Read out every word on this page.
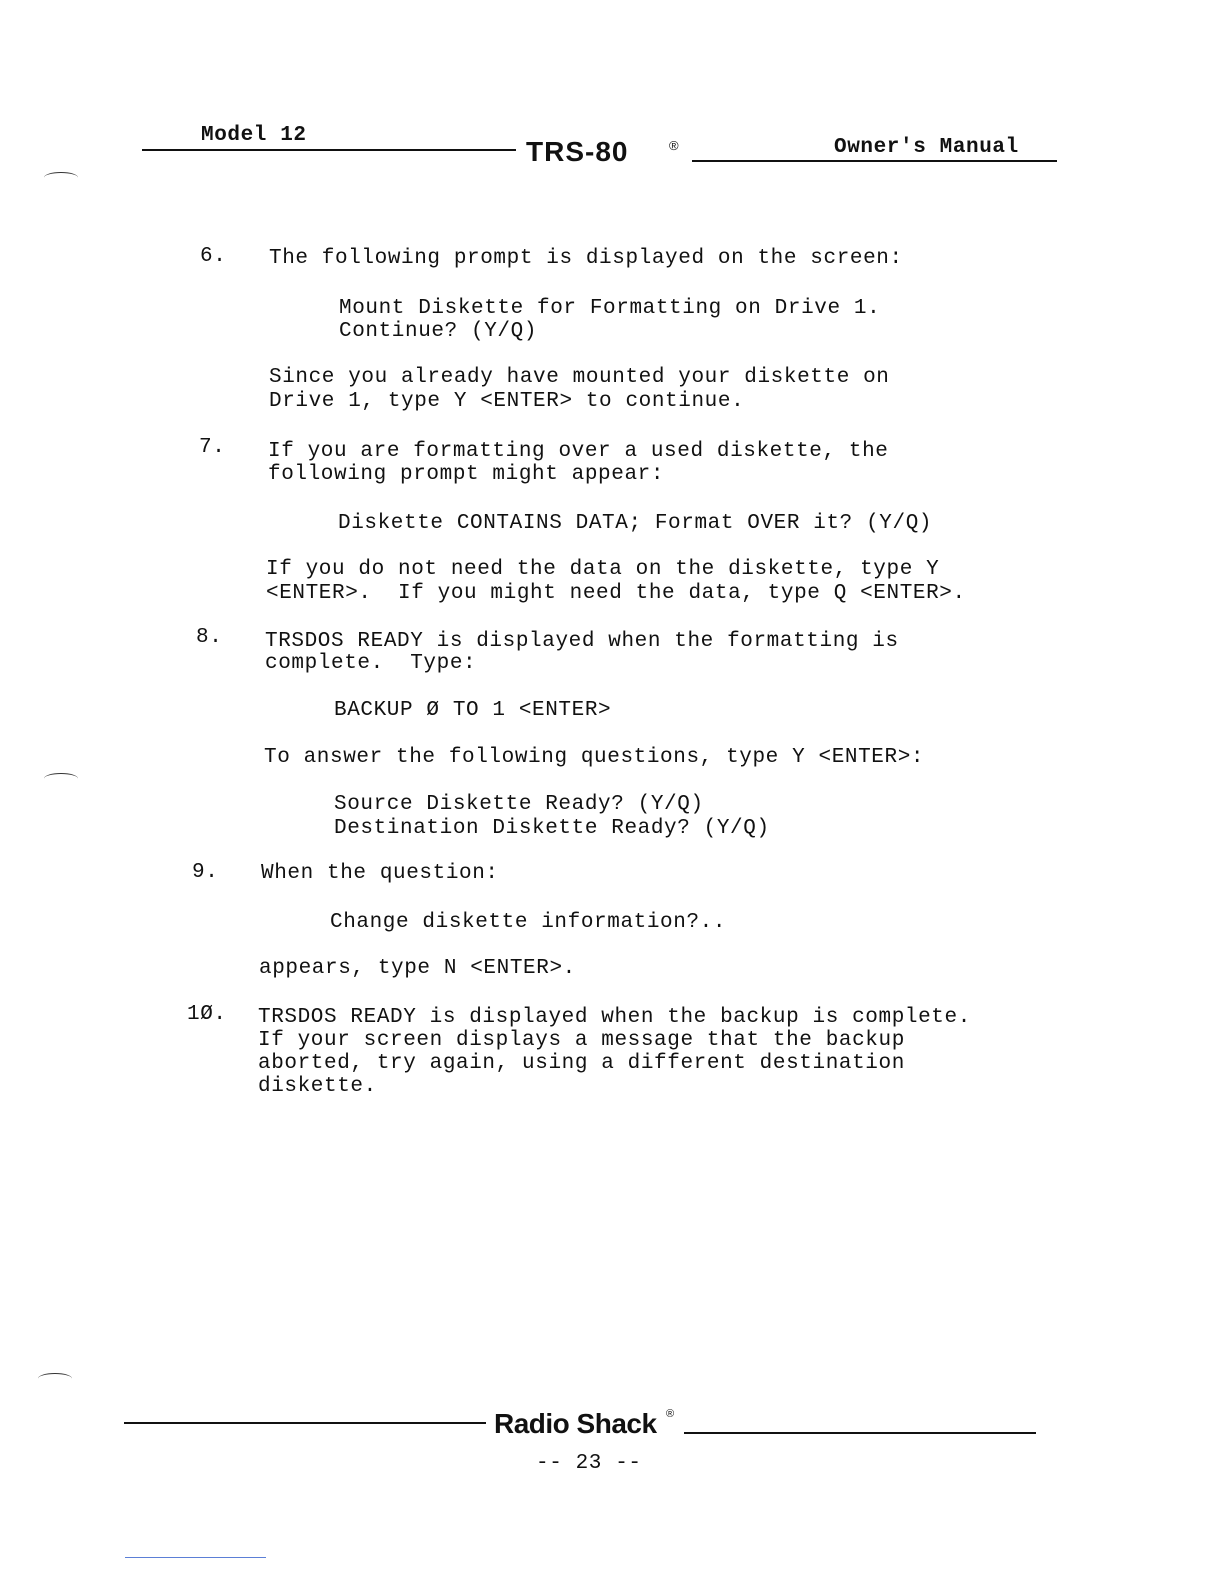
Model 12
TRS-80	®	Owner's Manual
6. The following prompt is displayed on the screen:
Mount Diskette for Formatting on Drive 1.
Continue? (Y/Q)
Since you already have mounted your diskette on
Drive 1, type Y <ENTER> to continue.
7. If you are formatting over a used diskette, the
following prompt might appear:
Diskette CONTAINS DATA; Format OVER it? (Y/Q)
If you do not need the data on the diskette, type Y
<ENTER>.  If you might need the data, type Q <ENTER>.
8. TRSDOS READY is displayed when the formatting is
complete.  Type:
BACKUP Ø TO 1 <ENTER>
To answer the following questions, type Y <ENTER>:
Source Diskette Ready? (Y/Q)
Destination Diskette Ready? (Y/Q)
9. When the question:
Change diskette information?..
appears, type N <ENTER>.
1Ø. TRSDOS READY is displayed when the backup is complete.
If your screen displays a message that the backup
aborted, try again, using a different destination
diskette.
Radio Shack ®
-- 23 --
